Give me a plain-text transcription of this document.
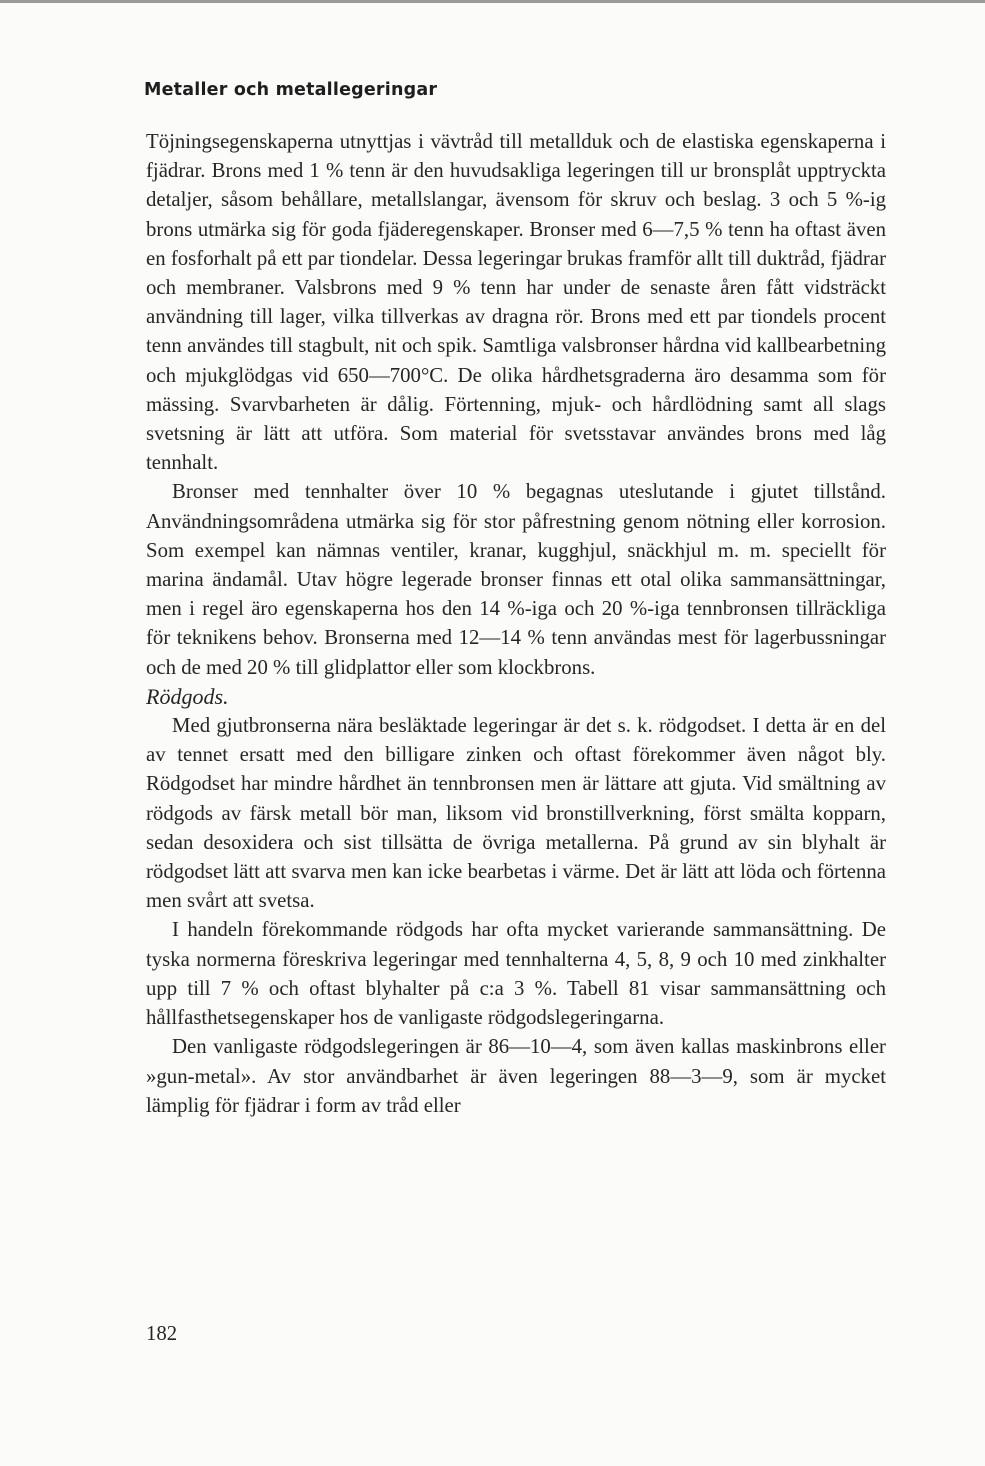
Metaller och metallegeringar

Töjningsegenskaperna utnyttjas i vävtråd till metallduk och de elastiska egenskaperna i fjädrar. Brons med 1 % tenn är den huvudsakliga legeringen till ur bronsplåt upptryckta detaljer, såsom behållare, metallslangar, ävensom för skruv och beslag. 3 och 5 %-ig brons utmärka sig för goda fjäderegenskaper. Bronser med 6—7,5 % tenn ha oftast även en fosforhalt på ett par tiondelar. Dessa legeringar brukas framför allt till duktråd, fjädrar och membraner. Valsbrons med 9 % tenn har under de senaste åren fått vidsträckt användning till lager, vilka tillverkas av dragna rör. Brons med ett par tiondels procent tenn användes till stagbult, nit och spik. Samtliga valsbronser hårdna vid kallbearbetning och mjukglödgas vid 650—700°C. De olika hårdhetsgraderna äro desamma som för mässing. Svarvbarheten är dålig. Förtenning, mjuk- och hårdlödning samt all slags svetsning är lätt att utföra. Som material för svetsstavar användes brons med låg tennhalt.

Bronser med tennhalter över 10 % begagnas uteslutande i gjutet tillstånd. Användningsområdena utmärka sig för stor påfrestning genom nötning eller korrosion. Som exempel kan nämnas ventiler, kranar, kugghjul, snäckhjul m. m. speciellt för marina ändamål. Utav högre legerade bronser finnas ett otal olika sammansättningar, men i regel äro egenskaperna hos den 14 %-iga och 20 %-iga tennbronsen tillräckliga för teknikens behov. Bronserna med 12—14 % tenn användas mest för lagerbussningar och de med 20 % till glidplattor eller som klockbrons.

Rödgods.

Med gjutbronserna nära besläktade legeringar är det s. k. rödgodset. I detta är en del av tennet ersatt med den billigare zinken och oftast förekommer även något bly. Rödgodset har mindre hårdhet än tennbronsen men är lättare att gjuta. Vid smältning av rödgods av färsk metall bör man, liksom vid bronstillverkning, först smälta kopparn, sedan desoxidera och sist tillsätta de övriga metallerna. På grund av sin blyhalt är rödgodset lätt att svarva men kan icke bearbetas i värme. Det är lätt att löda och förtenna men svårt att svetsa.

I handeln förekommande rödgods har ofta mycket varierande sammansättning. De tyska normerna föreskriva legeringar med tennhalterna 4, 5, 8, 9 och 10 med zinkhalter upp till 7 % och oftast blyhalter på c:a 3 %. Tabell 81 visar sammansättning och hållfasthetsegenskaper hos de vanligaste rödgodslegeringarna.

Den vanligaste rödgodslegeringen är 86—10—4, som även kallas maskinbrons eller »gun-metal». Av stor användbarhet är även legeringen 88—3—9, som är mycket lämplig för fjädrar i form av tråd eller

182
